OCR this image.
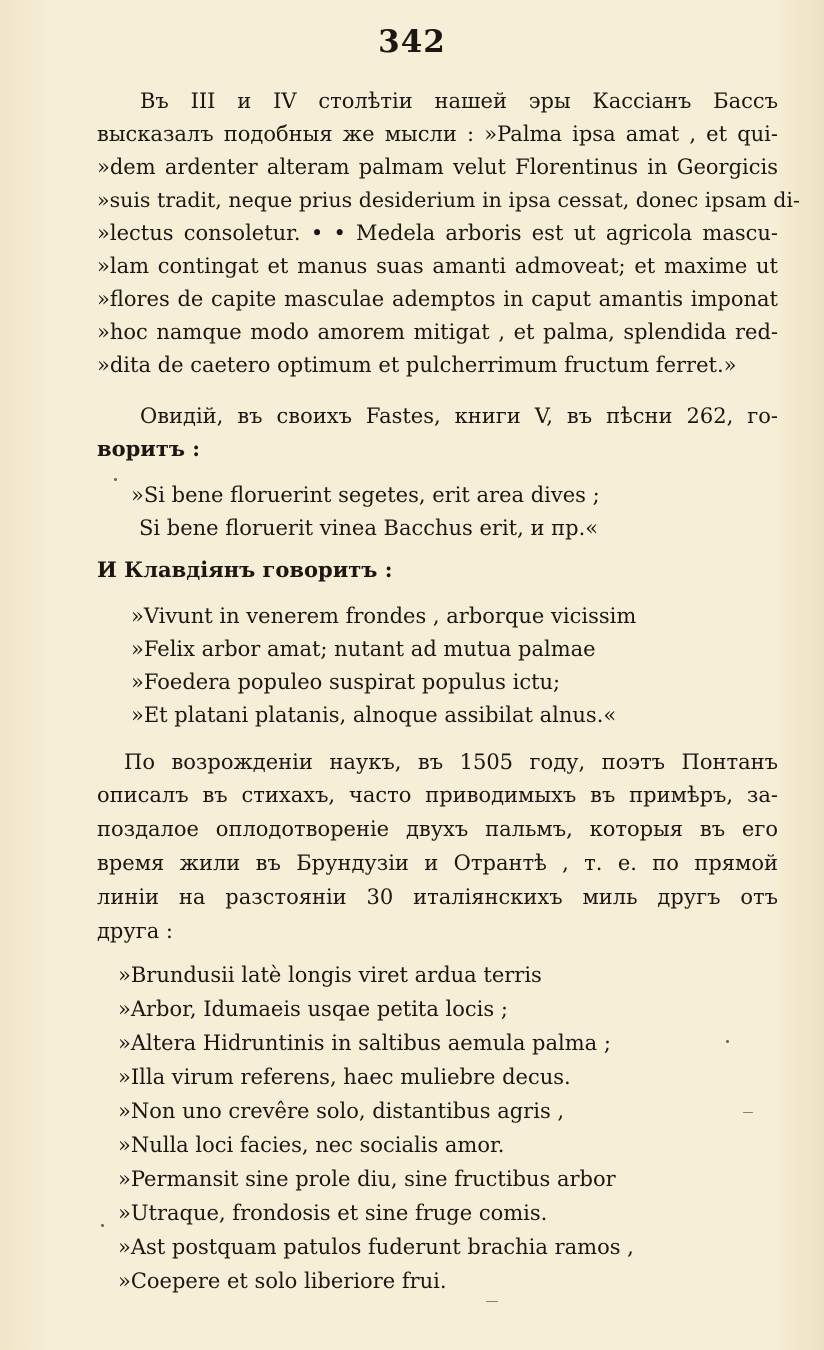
342
Въ III и IV столѣтіи нашей эры Кассіанъ Бассъ
высказалъ подобныя же мысли : »Palma ipsa amat , et qui-
»dem ardenter alteram palmam velut Florentinus in Georgicis
»suis tradit, neque prius desiderium in ipsa cessat, donec ipsam di-
»lectus consoletur. • • Medela arboris est ut agricola mascu-
»lam contingat et manus suas amanti admoveat; et maxime ut
»flores de capite masculae ademptos in caput amantis imponat
»hoc namque modo amorem mitigat , et palma, splendida red-
»dita de caetero optimum et pulcherrimum fructum ferret.»
Овидій, въ своихъ Fastes, книги V, въ пѣсни 262, го-
воритъ :
»Si bene floruerint segetes, erit area dives ;
Si bene floruerit vinea Bacchus erit, и пр.«
И Клавдіянъ говоритъ :
»Vivunt in venerem frondes , arborque vicissim
»Felix arbor amat; nutant ad mutua palmae
»Foedera populeo suspirat populus ictu;
»Et platani platanis, alnoque assibilat alnus.«
По возрожденіи наукъ, въ 1505 году, поэтъ Понтанъ
описалъ въ стихахъ, часто приводимыхъ въ примѣръ, за-
поздалое оплодотвореніе двухъ пальмъ, которыя въ его
время жили въ Брундузіи и Отрантѣ , т. е. по прямой
линіи на разстояніи 30 италіянскихъ миль другъ отъ
друга :
»Brundusii latè longis viret ardua terris
»Arbor, Idumaeis usqae petita locis ;
»Altera Hidruntinis in saltibus aemula palma ;
»Illa virum referens, haec muliebre decus.
»Non uno crevêre solo, distantibus agris ,
»Nulla loci facies, nec socialis amor.
»Permansit sine prole diu, sine fructibus arbor
»Utraque, frondosis et sine fruge comis.
»Ast postquam patulos fuderunt brachia ramos ,
»Coepere et solo liberiore frui.
